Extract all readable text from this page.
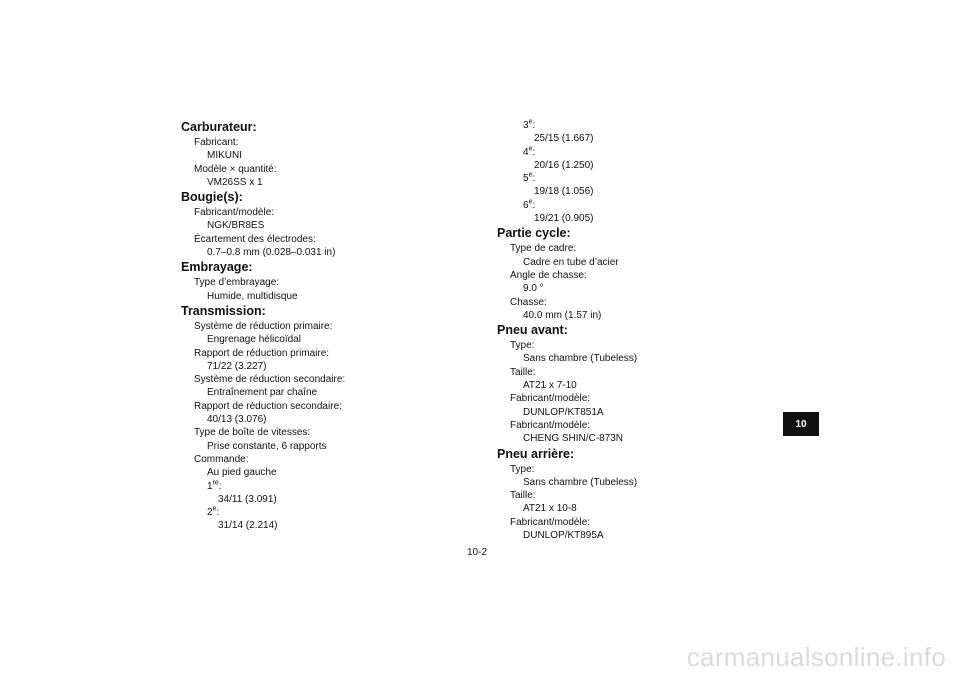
Carburateur:
Fabricant:
MIKUNI
Modèle × quantité:
VM26SS x 1
Bougie(s):
Fabricant/modèle:
NGK/BR8ES
Écartement des électrodes:
0.7–0.8 mm (0.028–0.031 in)
Embrayage:
Type d’embrayage:
Humide, multidisque
Transmission:
Système de réduction primaire:
Engrenage hélicoïdal
Rapport de réduction primaire:
71/22 (3.227)
Système de réduction secondaire:
Entraînement par chaîne
Rapport de réduction secondaire:
40/13 (3.076)
Type de boîte de vitesses:
Prise constante, 6 rapports
Commande:
Au pied gauche
1re:
34/11 (3.091)
2e:
31/14 (2.214)
3e:
25/15 (1.667)
4e:
20/16 (1.250)
5e:
19/18 (1.056)
6e:
19/21 (0.905)
Partie cycle:
Type de cadre:
Cadre en tube d’acier
Angle de chasse:
9.0 °
Chasse:
40.0 mm (1.57 in)
Pneu avant:
Type:
Sans chambre (Tubeless)
Taille:
AT21 x 7-10
Fabricant/modèle:
DUNLOP/KT851A
Fabricant/modèle:
CHENG SHIN/C-873N
Pneu arrière:
Type:
Sans chambre (Tubeless)
Taille:
AT21 x 10-8
Fabricant/modèle:
DUNLOP/KT895A
10-2
10
carmanualsonline.info
